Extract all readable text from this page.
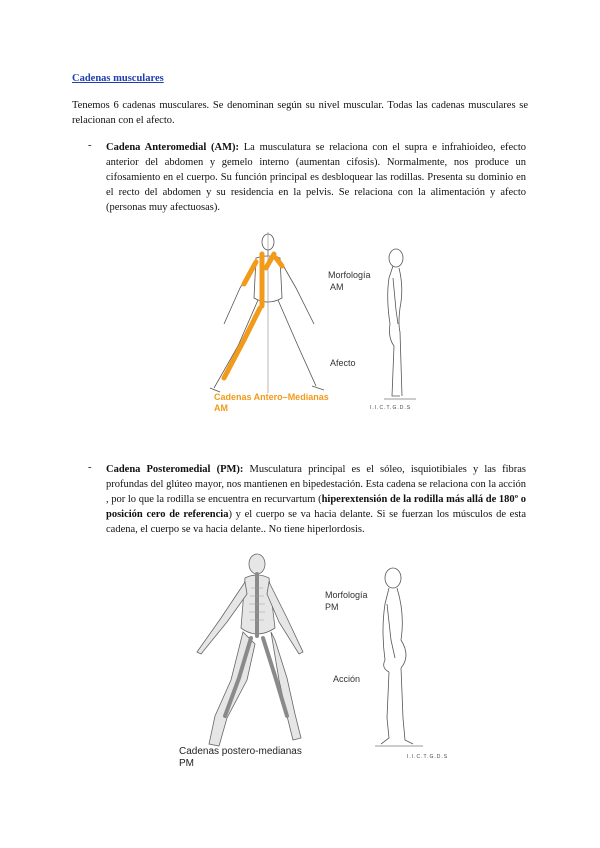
Cadenas musculares
Tenemos 6 cadenas musculares. Se denominan según su nivel muscular. Todas las cadenas musculares se relacionan con el afecto.
- Cadena Anteromedial (AM): La musculatura se relaciona con el supra e infrahioideo, efecto anterior del abdomen y gemelo interno (aumentan cifosis). Normalmente, nos produce un cifosamiento en el cuerpo. Su función principal es desbloquear las rodillas. Presenta su dominio en el recto del abdomen y su residencia en la pelvis. Se relaciona con la alimentación y afecto (personas muy afectuosas).
Morfología
AM
Afecto
Cadenas Antero–Medianas
AM	I.I.C.T.G.D.S
- Cadena Posteromedial (PM): Musculatura principal es el sóleo, isquiotibiales y las fibras profundas del glúteo mayor, nos mantienen en bipedestación. Esta cadena se relaciona con la acción , por lo que la rodilla se encuentra en recurvartum (hiperextensión de la rodilla más allá de 180º o posición cero de referencia) y el cuerpo se va hacia delante. Si se fuerzan los músculos de esta cadena, el cuerpo se va hacia delante.. No tiene hiperlordosis.
Morfología
PM
Acción
Cadenas postero-medianas
PM
I.I.C.T.G.D.S
